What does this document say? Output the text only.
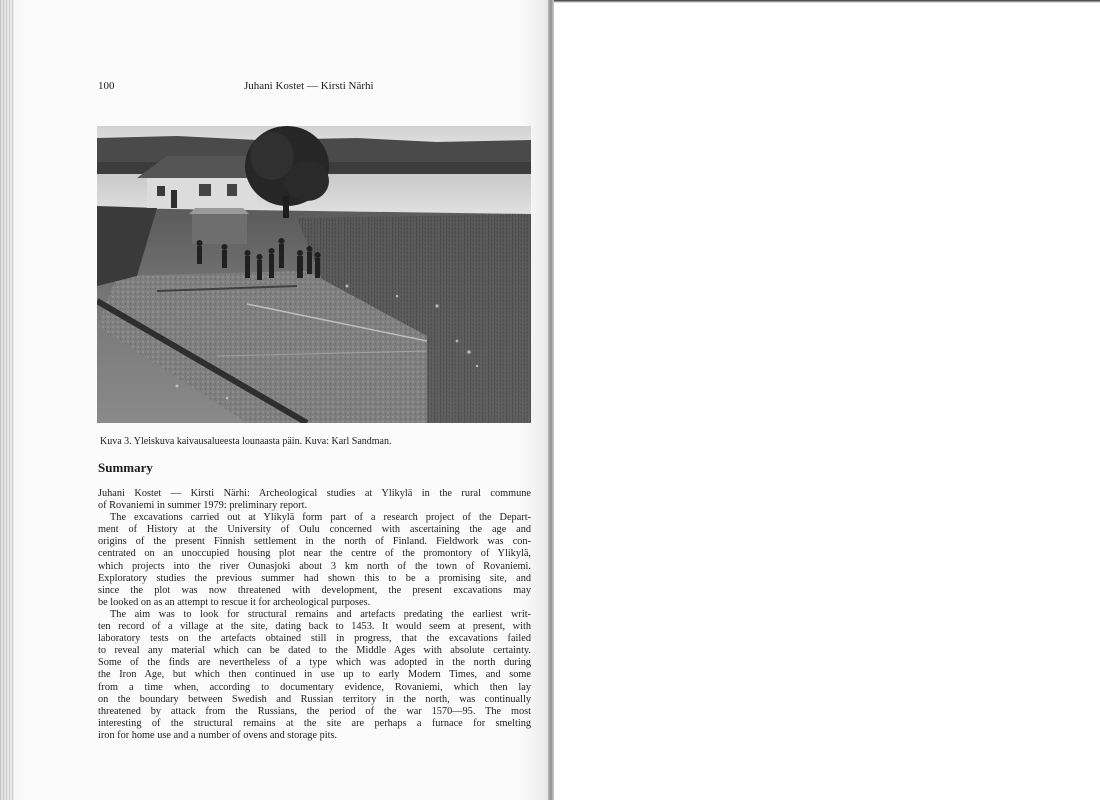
100	Juhani Kostet — Kirsti Närhi
Kuva 3. Yleiskuva kaivausalueesta lounaasta päin. Kuva: Karl Sandman.
Summary

Juhani Kostet — Kirsti Närhi: Archeological studies at Ylikylä in the rural commune
of Rovaniemi in summer 1979: preliminary report.

The excavations carried out at Ylikylä form part of a research project of the Depart-
ment of History at the University of Oulu concerned with ascertaining the age and
origins of the present Finnish settlement in the north of Finland. Fieldwork was con-
centrated on an unoccupied housing plot near the centre of the promontory of Ylikylä,
which projects into the river Ounasjoki about 3 km north of the town of Rovaniemi.
Exploratory studies the previous summer had shown this to be a promising site, and
since the plot was now threatened with development, the present excavations may
be looked on as an attempt to rescue it for archeological purposes.

The aim was to look for structural remains and artefacts predating the earliest writ-
ten record of a village at the site, dating back to 1453. It would seem at present, with
laboratory tests on the artefacts obtained still in progress, that the excavations failed
to reveal any material which can be dated to the Middle Ages with absolute certainty.
Some of the finds are nevertheless of a type which was adopted in the north during
the Iron Age, but which then continued in use up to early Modern Times, and some
from a time when, according to documentary evidence, Rovaniemi, which then lay
on the boundary between Swedish and Russian territory in the north, was continually
threatened by attack from the Russians, the period of the war 1570—95. The most
interesting of the structural remains at the site are perhaps a furnace for smelting
iron for home use and a number of ovens and storage pits.
